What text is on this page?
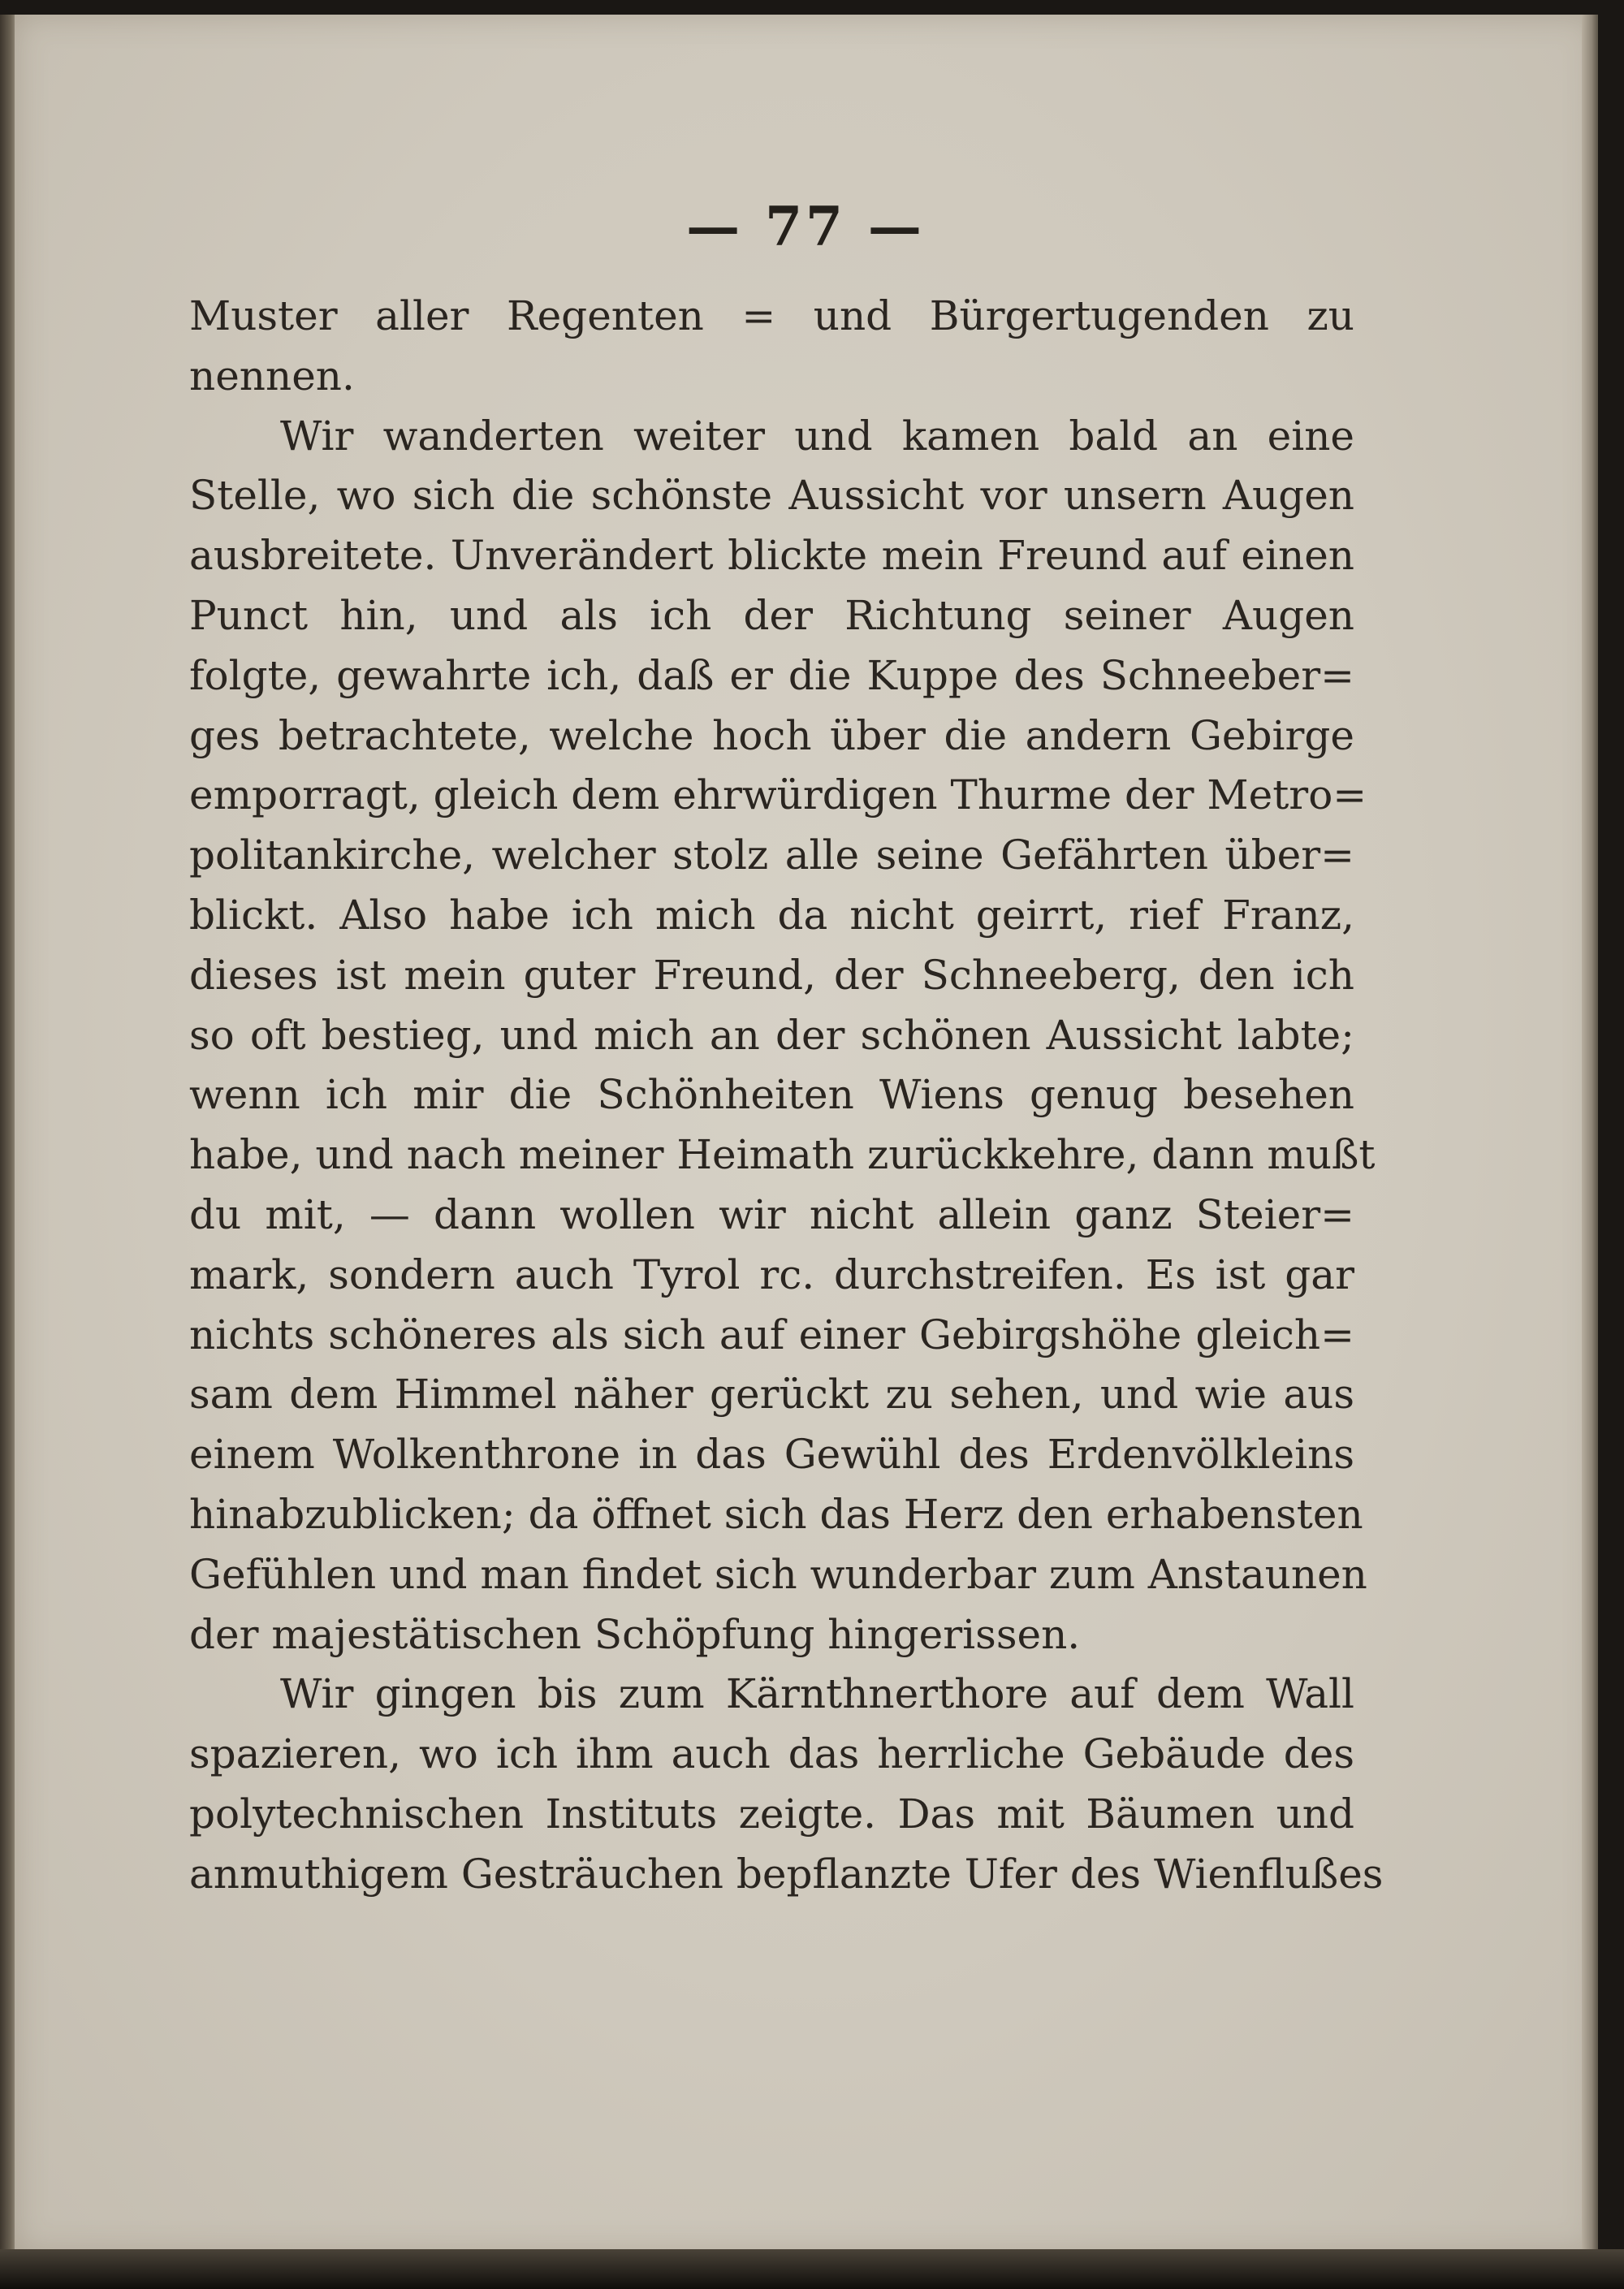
— 77 —
Muster aller Regenten = und Bürgertugenden zu
nennen.
Wir wanderten weiter und kamen bald an eine
Stelle, wo sich die schönste Aussicht vor unsern Augen
ausbreitete. Unverändert blickte mein Freund auf einen
Punct hin, und als ich der Richtung seiner Augen
folgte, gewahrte ich, daß er die Kuppe des Schneeber=
ges betrachtete, welche hoch über die andern Gebirge
emporragt, gleich dem ehrwürdigen Thurme der Metro=
politankirche, welcher stolz alle seine Gefährten über=
blickt. Also habe ich mich da nicht geirrt, rief Franz,
dieses ist mein guter Freund, der Schneeberg, den ich
so oft bestieg, und mich an der schönen Aussicht labte;
wenn ich mir die Schönheiten Wiens genug besehen
habe, und nach meiner Heimath zurückkehre, dann mußt
du mit, — dann wollen wir nicht allein ganz Steier=
mark, sondern auch Tyrol rc. durchstreifen. Es ist gar
nichts schöneres als sich auf einer Gebirgshöhe gleich=
sam dem Himmel näher gerückt zu sehen, und wie aus
einem Wolkenthrone in das Gewühl des Erdenvölkleins
hinabzublicken; da öffnet sich das Herz den erhabensten
Gefühlen und man findet sich wunderbar zum Anstaunen
der majestätischen Schöpfung hingerissen.
Wir gingen bis zum Kärnthnerthore auf dem Wall
spazieren, wo ich ihm auch das herrliche Gebäude des
polytechnischen Instituts zeigte. Das mit Bäumen und
anmuthigem Gesträuchen bepflanzte Ufer des Wienflußes
